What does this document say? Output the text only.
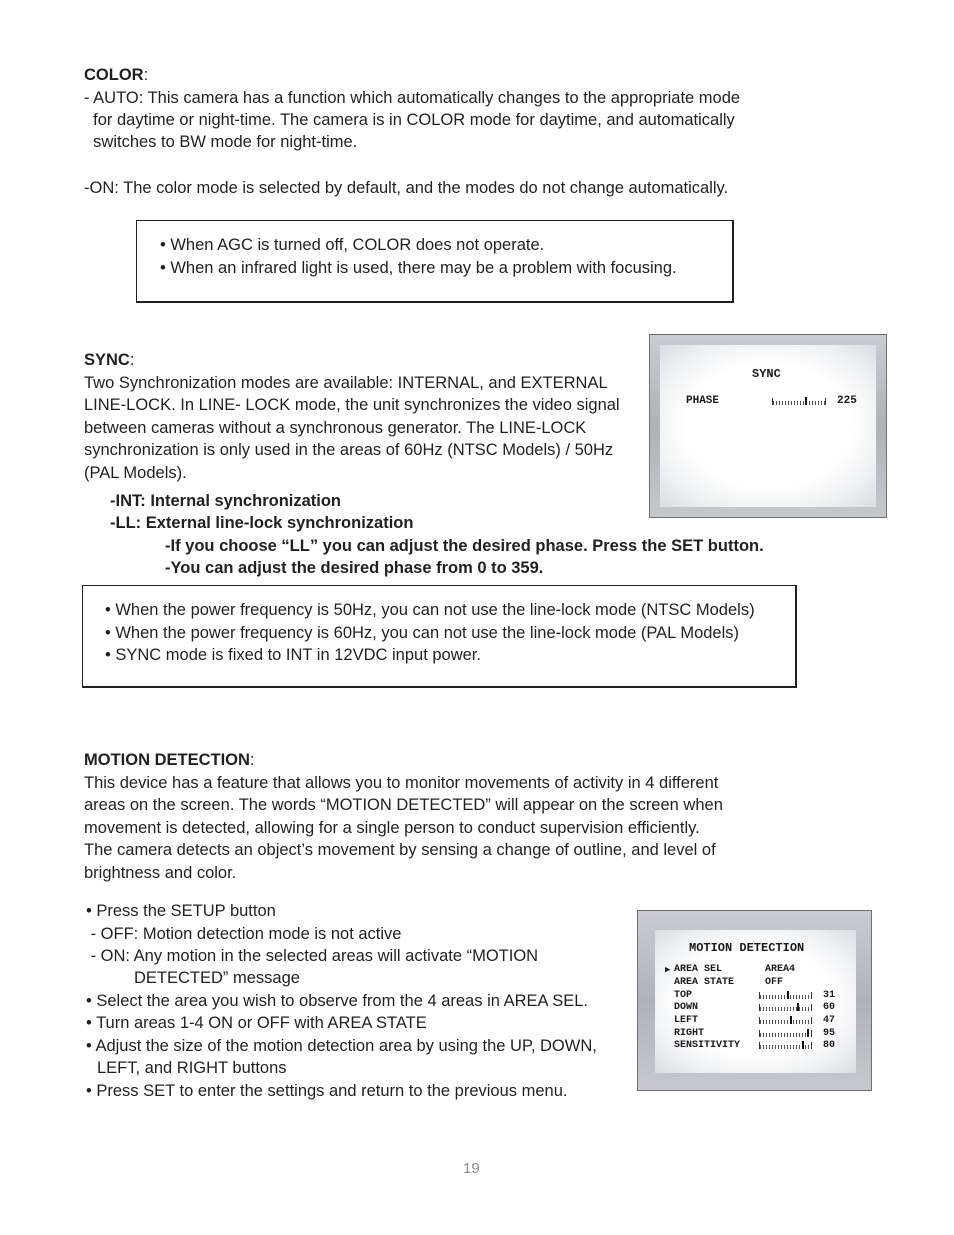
COLOR:

- AUTO: This camera has a function which automatically changes to the appropriate mode

for daytime or night-time. The camera is in COLOR mode for daytime, and automatically

switches to BW mode for night-time.

-ON: The color mode is selected by default, and the modes do not change automatically.

• When AGC is turned off, COLOR does not operate.

• When an infrared light is used, there may be a problem with focusing.

SYNC:

Two Synchronization modes are available: INTERNAL, and EXTERNAL

LINE-LOCK. In LINE- LOCK mode, the unit synchronizes the video signal

between cameras without a synchronous generator. The LINE-LOCK

synchronization is only used in the areas of 60Hz (NTSC Models) / 50Hz

(PAL Models).

-INT: Internal synchronization

-LL: External line-lock synchronization

-If you choose “LL” you can adjust the desired phase. Press the SET button.

-You can adjust the desired phase from 0 to 359.

SYNC
PHASE	225

• When the power frequency is 50Hz, you can not use the line-lock mode (NTSC Models)

• When the power frequency is 60Hz, you can not use the line-lock mode (PAL Models)

• SYNC mode is fixed to INT in 12VDC input power.

MOTION DETECTION:

This device has a feature that allows you to monitor movements of activity in 4 different

areas on the screen. The words “MOTION DETECTED” will appear on the screen when

movement is detected, allowing for a single person to conduct supervision efficiently.

The camera detects an object’s movement by sensing a change of outline, and level of

brightness and color.

• Press the SETUP button

- OFF: Motion detection mode is not active

- ON: Any motion in the selected areas will activate “MOTION

DETECTED” message

• Select the area you wish to observe from the 4 areas in AREA SEL.

• Turn areas 1-4 ON or OFF with AREA STATE

• Adjust the size of the motion detection area by using the UP, DOWN,

LEFT, and RIGHT buttons

• Press SET to enter the settings and return to the previous menu.

MOTION DETECTION
▶ AREA SEL	AREA4
AREA STATE	OFF
TOP	31
DOWN	60
LEFT	47
RIGHT	95
SENSITIVITY	80

19
